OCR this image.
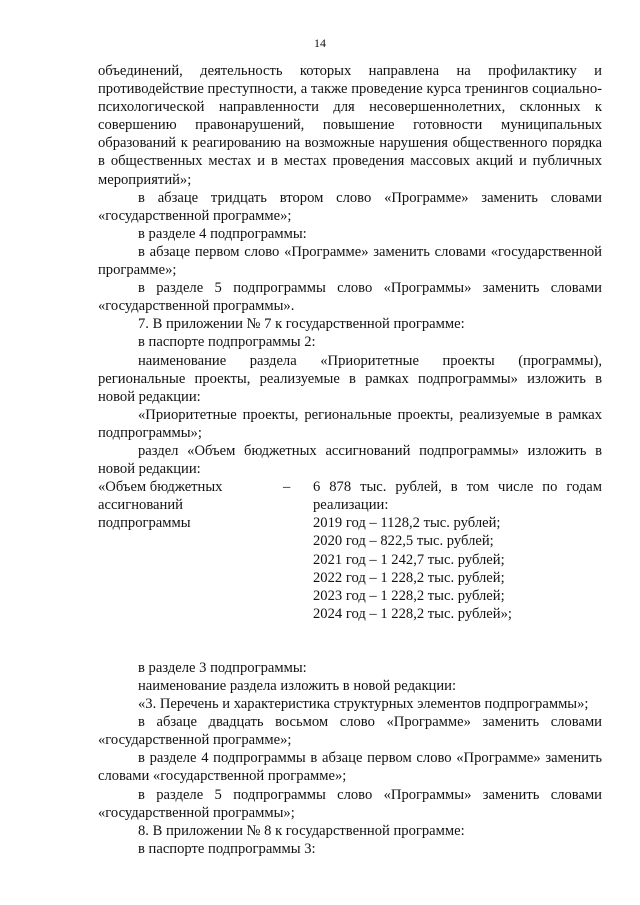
14

объединений, деятельность которых направлена на профилактику и противодействие преступности, а также проведение курса тренингов социально-психологической направленности для несовершеннолетних, склонных к совершению правонарушений, повышение готовности муниципальных образований к реагированию на возможные нарушения общественного порядка в общественных местах и в местах проведения массовых акций и публичных мероприятий»;

в абзаце тридцать втором слово «Программе» заменить словами «государственной программе»;

в разделе 4 подпрограммы:

в абзаце первом слово «Программе» заменить словами «государственной программе»;

в разделе 5 подпрограммы слово «Программы» заменить словами «государственной программы».

7. В приложении № 7 к государственной программе:

в паспорте подпрограммы 2:

наименование раздела «Приоритетные проекты (программы), региональные проекты, реализуемые в рамках подпрограммы» изложить в новой редакции:

«Приоритетные проекты, региональные проекты, реализуемые в рамках подпрограммы»;

раздел «Объем бюджетных ассигнований подпрограммы» изложить в новой редакции:

«Объем бюджетных
ассигнований
подпрограммы
–	6 878 тыс. рублей, в том числе по годам реализации:
2019 год – 1128,2 тыс. рублей;
2020 год – 822,5 тыс. рублей;
2021 год – 1 242,7 тыс. рублей;
2022 год – 1 228,2 тыс. рублей;
2023 год – 1 228,2 тыс. рублей;
2024 год – 1 228,2 тыс. рублей»;

в разделе 3 подпрограммы:

наименование раздела изложить в новой редакции:

«3. Перечень и характеристика структурных элементов подпрограммы»;

в абзаце двадцать восьмом слово «Программе» заменить словами «государственной программе»;

в разделе 4 подпрограммы в абзаце первом слово «Программе» заменить словами «государственной программе»;

в разделе 5 подпрограммы слово «Программы» заменить словами «государственной программы»;

8. В приложении № 8 к государственной программе:

в паспорте подпрограммы 3:
